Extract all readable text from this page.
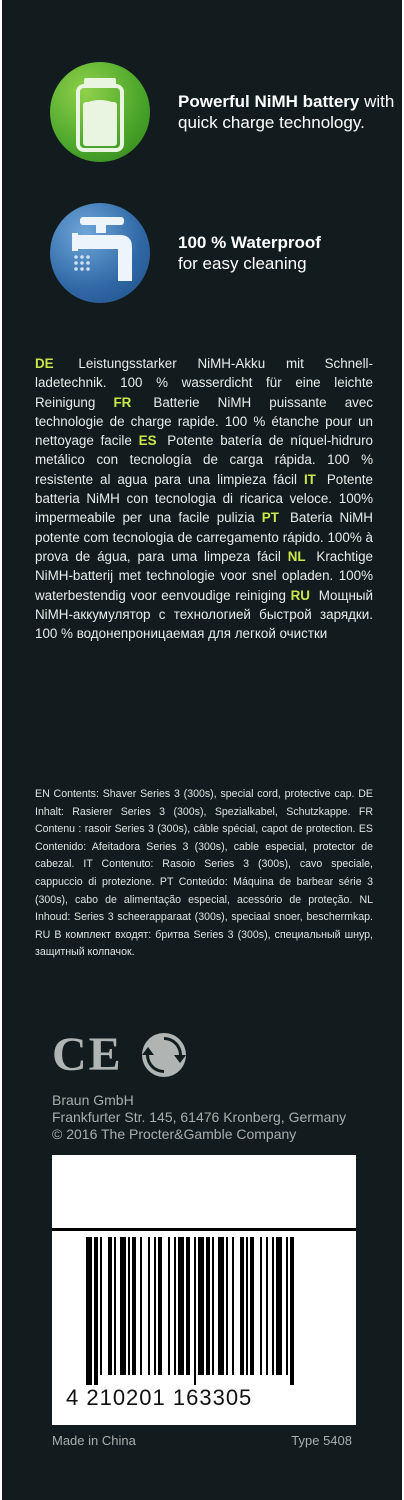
Powerful NiMH battery with quick charge technology.
100 % Waterproof
for easy cleaning
DE Leistungsstarker NiMH-Akku mit Schnell-ladetechnik. 100 % wasserdicht für eine leichte Reinigung FR Batterie NiMH puissante avec technologie de charge rapide. 100 % étanche pour un nettoyage facile ES Potente batería de níquel-hidruro metálico con tecnología de carga rápida. 100 % resistente al agua para una limpieza fácil IT Potente batteria NiMH con tecnologia di ricarica veloce. 100% impermeabile per una facile pulizia PT Bateria NiMH potente com tecnologia de carregamento rápido. 100% à prova de água, para uma limpeza fácil NL Krachtige NiMH-batterij met technologie voor snel opladen. 100% waterbestendig voor eenvoudige reiniging RU Мощный NiMH-аккумулятор с технологией быстрой зарядки. 100 % водонепроницаемая для легкой очистки
EN Contents: Shaver Series 3 (300s), special cord, protective cap. DE Inhalt: Rasierer Series 3 (300s), Spezialkabel, Schutzkappe. FR Contenu : rasoir Series 3 (300s), câble spécial, capot de protection. ES Contenido: Afeitadora Series 3 (300s), cable especial, protector de cabezal. IT Contenuto: Rasoio Series 3 (300s), cavo speciale, cappuccio di protezione. PT Conteúdo: Máquina de barbear série 3 (300s), cabo de alimentação especial, acessório de proteção. NL Inhoud: Series 3 scheerapparaat (300s), speciaal snoer, beschermkap. RU В комплект входят: бритва Series 3 (300s), специальный шнур, защитный колпачок.
CE
Braun GmbH
Frankfurter Str. 145, 61476 Kronberg, Germany
© 2016 The Procter&Gamble Company
4 210201 163305
Made in China	Type 5408
